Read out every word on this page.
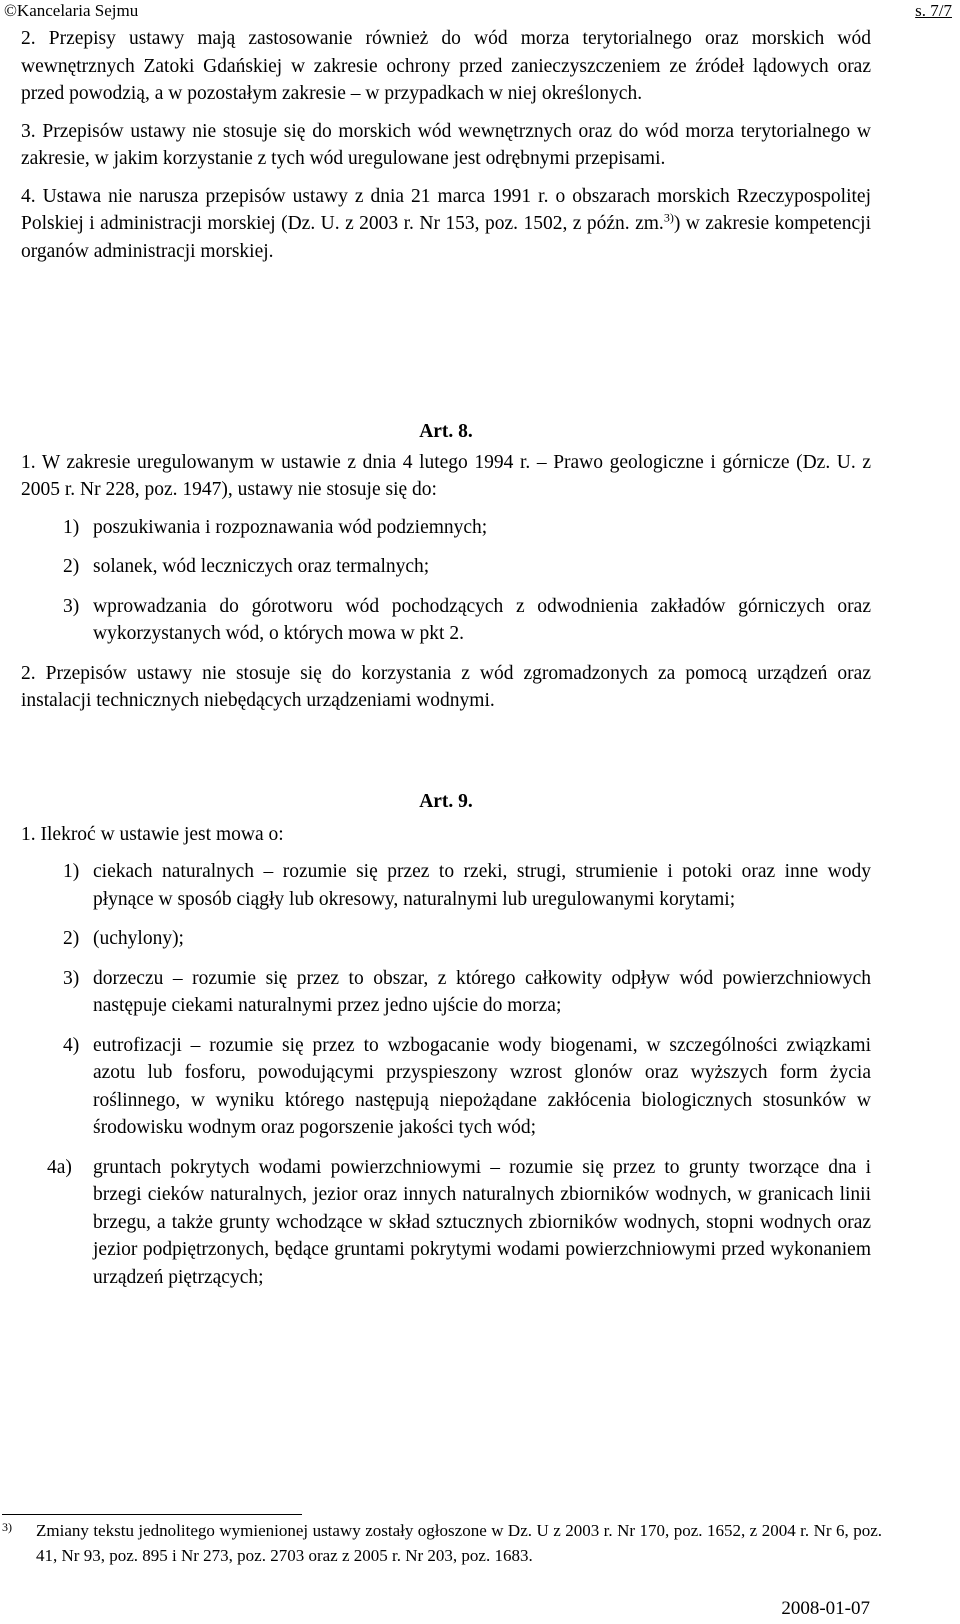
©Kancelaria Sejmu	s. 7/7

2. Przepisy ustawy mają zastosowanie również do wód morza terytorialnego oraz morskich wód wewnętrznych Zatoki Gdańskiej w zakresie ochrony przed zanieczyszczeniem ze źródeł lądowych oraz przed powodzią, a w pozostałym zakresie – w przypadkach w niej określonych.

3. Przepisów ustawy nie stosuje się do morskich wód wewnętrznych oraz do wód morza terytorialnego w zakresie, w jakim korzystanie z tych wód uregulowane jest odrębnymi przepisami.

4. Ustawa nie narusza przepisów ustawy z dnia 21 marca 1991 r. o obszarach morskich Rzeczypospolitej Polskiej i administracji morskiej (Dz. U. z 2003 r. Nr 153, poz. 1502, z późn. zm.$^{3)}$) w zakresie kompetencji organów administracji morskiej.

Art. 8.

1. W zakresie uregulowanym w ustawie z dnia 4 lutego 1994 r. – Prawo geologiczne i górnicze (Dz. U. z 2005 r. Nr 228, poz. 1947), ustawy nie stosuje się do:

1) poszukiwania i rozpoznawania wód podziemnych;
2) solanek, wód leczniczych oraz termalnych;
3) wprowadzania do górotworu wód pochodzących z odwodnienia zakładów górniczych oraz wykorzystanych wód, o których mowa w pkt 2.

2. Przepisów ustawy nie stosuje się do korzystania z wód zgromadzonych za pomocą urządzeń oraz instalacji technicznych niebędących urządzeniami wodnymi.

Art. 9.

1. Ilekroć w ustawie jest mowa o:

1) ciekach naturalnych – rozumie się przez to rzeki, strugi, strumienie i potoki oraz inne wody płynące w sposób ciągły lub okresowy, naturalnymi lub uregulowanymi korytami;
2) (uchylony);
3) dorzeczu – rozumie się przez to obszar, z którego całkowity odpływ wód powierzchniowych następuje ciekami naturalnymi przez jedno ujście do morza;
4) eutrofizacji – rozumie się przez to wzbogacanie wody biogenami, w szczególności związkami azotu lub fosforu, powodującymi przyspieszony wzrost glonów oraz wyższych form życia roślinnego, w wyniku którego następują niepożądane zakłócenia biologicznych stosunków w środowisku wodnym oraz pogorszenie jakości tych wód;
4a) gruntach pokrytych wodami powierzchniowymi – rozumie się przez to grunty tworzące dna i brzegi cieków naturalnych, jezior oraz innych naturalnych zbiorników wodnych, w granicach linii brzegu, a także grunty wchodzące w skład sztucznych zbiorników wodnych, stopni wodnych oraz jezior podpiętrzonych, będące gruntami pokrytymi wodami powierzchniowymi przed wykonaniem urządzeń piętrzących;
3)	Zmiany tekstu jednolitego wymienionej ustawy zostały ogłoszone w Dz. U z 2003 r. Nr 170, poz. 1652, z 2004 r. Nr 6, poz. 41, Nr 93, poz. 895 i Nr 273, poz. 2703 oraz z 2005 r. Nr 203, poz. 1683.
2008-01-07
